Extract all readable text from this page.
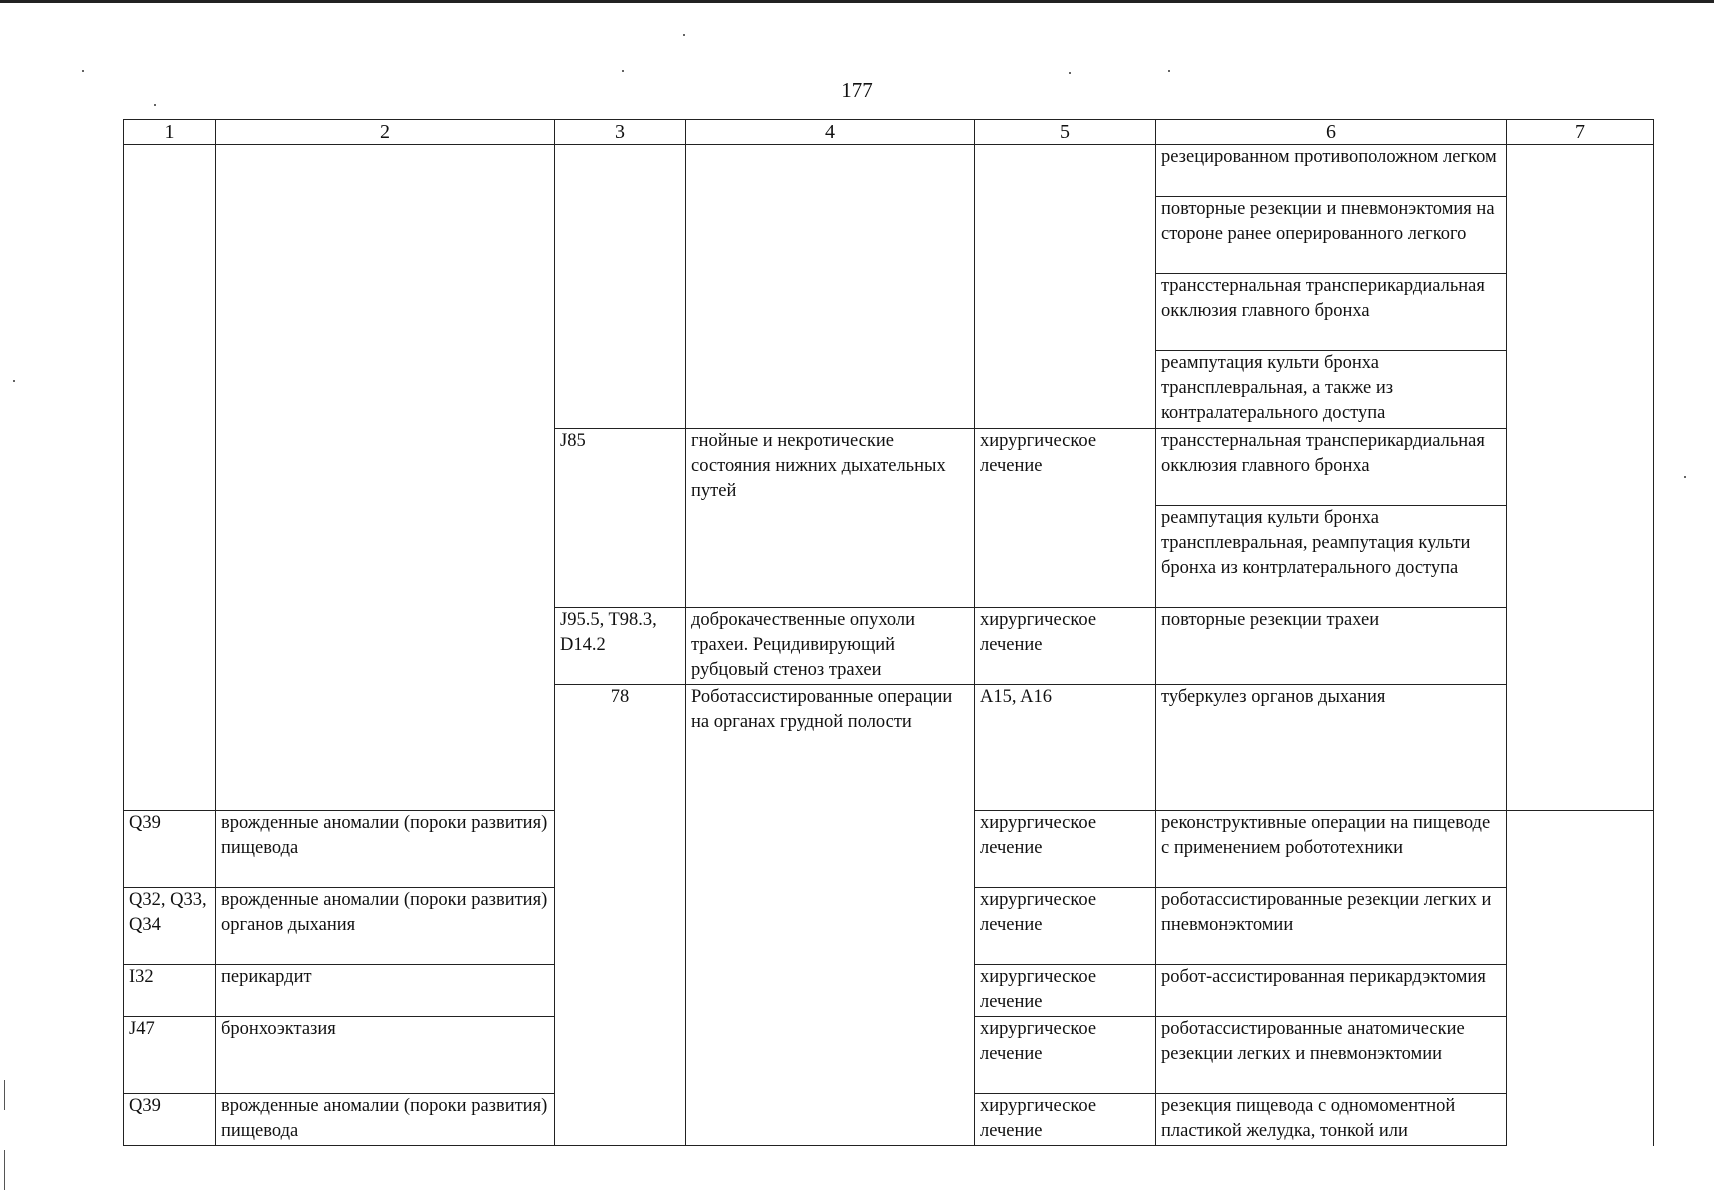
177
1	2	3	4	5	6	7	
					резецированном противоположном легком		
					повторные резекции и пневмонэктомия на стороне ранее оперированного легкого		
					трансстернальная трансперикардиальная окклюзия главного бронха		
					реампутация культи бронха трансплевральная, а также из контралатерального доступа		
		J85	гнойные и некротические состояния нижних дыхательных путей	хирургическое лечение	трансстернальная трансперикардиальная окклюзия главного бронха		
					реампутация культи бронха трансплевральная, реампутация культи бронха из контрлатерального доступа		
		J95.5, T98.3, D14.2	доброкачественные опухоли трахеи. Рецидивирующий рубцовый стеноз трахеи	хирургическое лечение	повторные резекции трахеи		
		78	Роботассистированные операции на органах грудной полости	A15, A16	туберкулез органов дыхания			
Q39	врожденные аномалии (пороки развития) пищевода			хирургическое лечение	реконструктивные операции на пищеводе с применением робототехники		
Q32, Q33, Q34	врожденные аномалии (пороки развития) органов дыхания			хирургическое лечение	роботассистированные резекции легких и пневмонэктомии		
I32	перикардит			хирургическое лечение	робот-ассистированная перикардэктомия		
J47	бронхоэктазия			хирургическое лечение	роботассистированные анатомические резекции легких и пневмонэктомии		
Q39	врожденные аномалии (пороки развития) пищевода			хирургическое лечение	резекция пищевода с одномоментной пластикой желудка, тонкой или		
